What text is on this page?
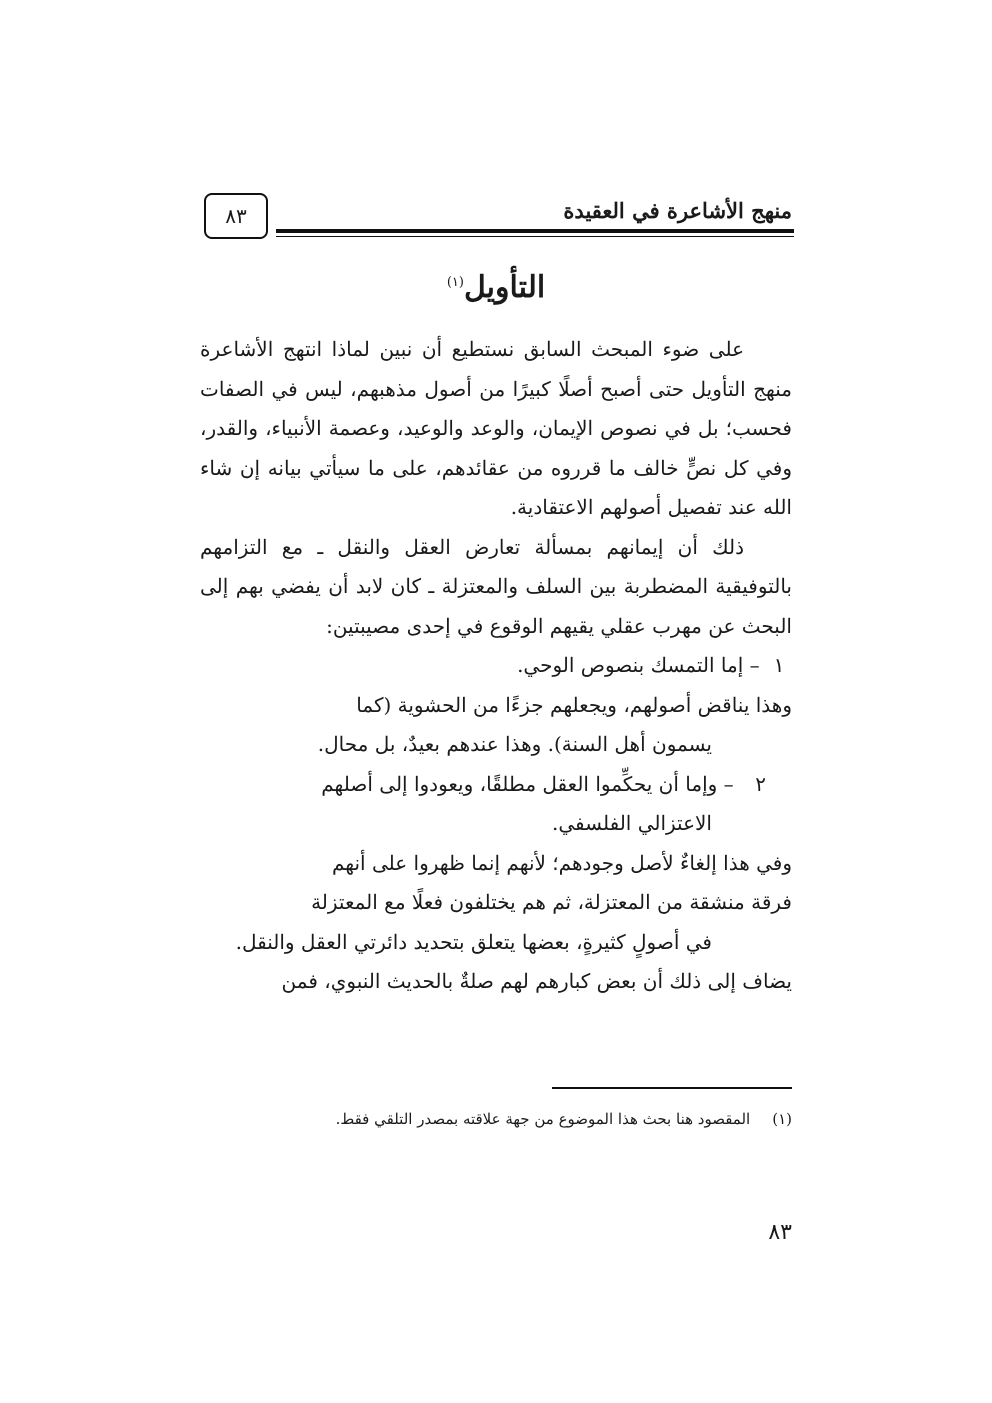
٨٣	منهج الأشاعرة في العقيدة
التأويل$^{(١)}$

على ضوء المبحث السابق نستطيع أن نبين لماذا انتهج الأشاعرة منهج التأويل حتى أصبح أصلًا كبيرًا من أصول مذهبهم، ليس في الصفات فحسب؛ بل في نصوص الإيمان، والوعد والوعيد، وعصمة الأنبياء، والقدر، وفي كل نصٍّ خالف ما قرروه من عقائدهم، على ما سيأتي بيانه إن شاء الله عند تفصيل أصولهم الاعتقادية.

ذلك أن إيمانهم بمسألة تعارض العقل والنقل ـ مع التزامهم بالتوفيقية المضطربة بين السلف والمعتزلة ـ كان لابد أن يفضي بهم إلى البحث عن مهرب عقلي يقيهم الوقوع في إحدى مصيبتين:

١ – إما التمسك بنصوص الوحي.

وهذا يناقض أصولهم، ويجعلهم جزءًا من الحشوية (كما

يسمون أهل السنة). وهذا عندهم بعيدٌ، بل محال.

٢ – وإما أن يحكِّموا العقل مطلقًا، ويعودوا إلى أصلهم

الاعتزالي الفلسفي.

وفي هذا إلغاءٌ لأصل وجودهم؛ لأنهم إنما ظهروا على أنهم

فرقة منشقة من المعتزلة، ثم هم يختلفون فعلًا مع المعتزلة

في أصولٍ كثيرةٍ، بعضها يتعلق بتحديد دائرتي العقل والنقل.

يضاف إلى ذلك أن بعض كبارهم لهم صلةٌ بالحديث النبوي، فمن

(١)المقصود هنا بحث هذا الموضوع من جهة علاقته بمصدر التلقي فقط.
٨٣
